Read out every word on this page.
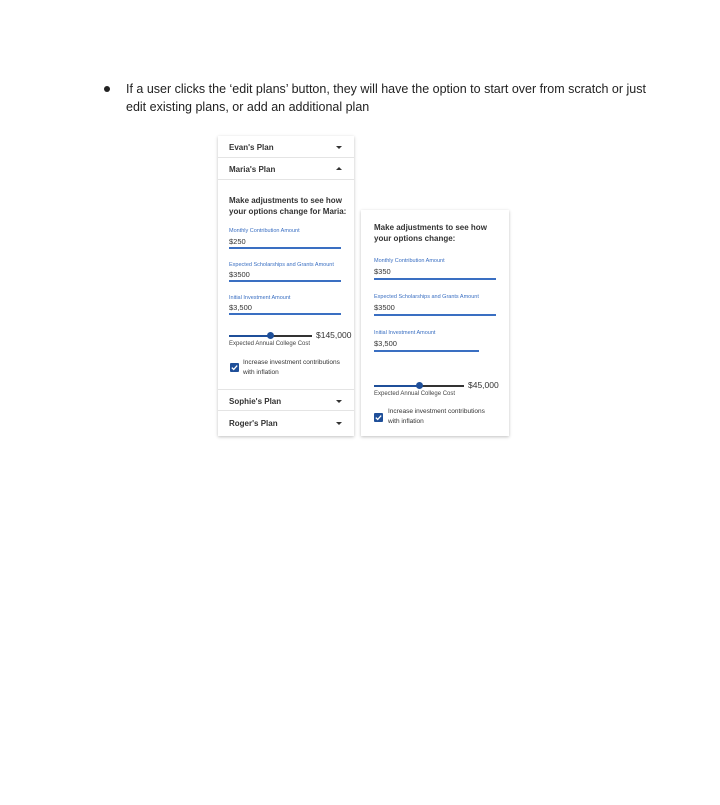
If a user clicks the ‘edit plans’ button, they will have the option to start over from scratch or just edit existing plans, or add an additional plan
Evan's Plan
Maria's Plan
Make adjustments to see how your options change for Maria:
Monthly Contribution Amount
$250
Expected Scholarships and Grants Amount
$3500
Initial Investment Amount
$3,500
$145,000
Expected Annual College Cost
Increase investment contributions with inflation
Sophie's Plan
Roger's Plan
Make adjustments to see how your options change:
Monthly Contribution Amount
$350
Expected Scholarships and Grants Amount
$3500
Initial Investment Amount
$3,500
$45,000
Expected Annual College Cost
Increase investment contributions with inflation
